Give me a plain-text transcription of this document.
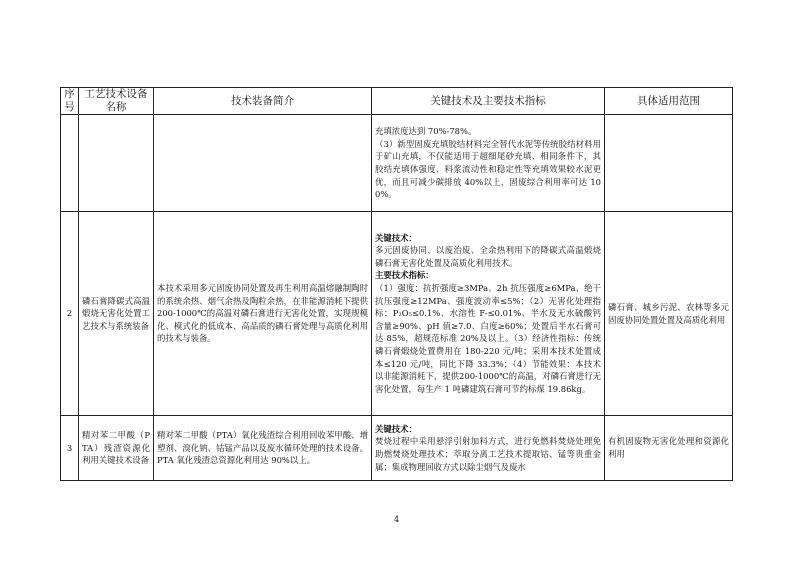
序号	工艺技术设备名称	技术装备简介	关键技术及主要技术指标	具体适用范围

			充填浓度达到 70%-78%。
（3）新型固废充填胶结材料完全替代水泥等传统胶结材料用于矿山充填，不仅能适用于超细尾砂充填、相同条件下，其胶结充填体强度、料浆流动性和稳定性等充填效果较水泥更优，而且可减少碳排放 40%以上，固废综合利用率可达 100%。	

2	磷石膏降碳式高温煅烧无害化处置工艺技术与系统装备	本技术采用多元固废协同处置及再生利用高温熔融制陶时的系统余热、烟气余热及陶粒余热，在非能源消耗下提供 200-1000℃的高温对磷石膏进行无害化处置，实现规模化、模式化的低成本、高品质的磷石膏处理与高质化利用的技术与装备。	关键技术：
多元固废协同、以废治废、全余热利用下的降碳式高温煅烧磷石膏无害化处置及高质化利用技术。
主要技术指标：
（1）强度：抗折强度≥3MPa、2h 抗压强度≥6MPa、绝干抗压强度≥12MPa、强度波动率≤5%；（2）无害化处理指标：P₂O₅≤0.1%、水溶性 F-≤0.01%、半水及无水硫酸钙含量≥90%、pH 值≥7.0、白度≥60%；处置后半水石膏可达 85%，超规范标准 20%及以上。（3）经济性指标：传统磷石膏煅烧处置费用在 180-220 元/吨；采用本技术处置成本≤120 元/吨，同比下降 33.3%；（4）节能效果：本技术以非能源消耗下，提供200-1000℃的高温，对磷石膏进行无害化处置，每生产 1 吨磷建筑石膏可节约标煤 19.86kg。	磷石膏、城乡污泥、农林等多元固废协同处置处置及高质化利用
3	精对苯二甲酸（PTA）残渣资源化利用关键技术设备	精对苯二甲酸（PTA）氧化残渣综合利用回收苯甲酸、增塑剂、溴化钠、钴锰产品以及废水循环处理的技术设备。PTA 氧化残渣总资源化利用达 90%以上。	关键技术：
焚烧过程中采用悬浮引射加料方式，进行免燃料焚烧处理免助燃焚烧处理技术；萃取分离工艺技术提取钴、锰等贵重金属；集成物理回收方式以除尘烟气及废水	有机固废物无害化处理和资源化利用
4
